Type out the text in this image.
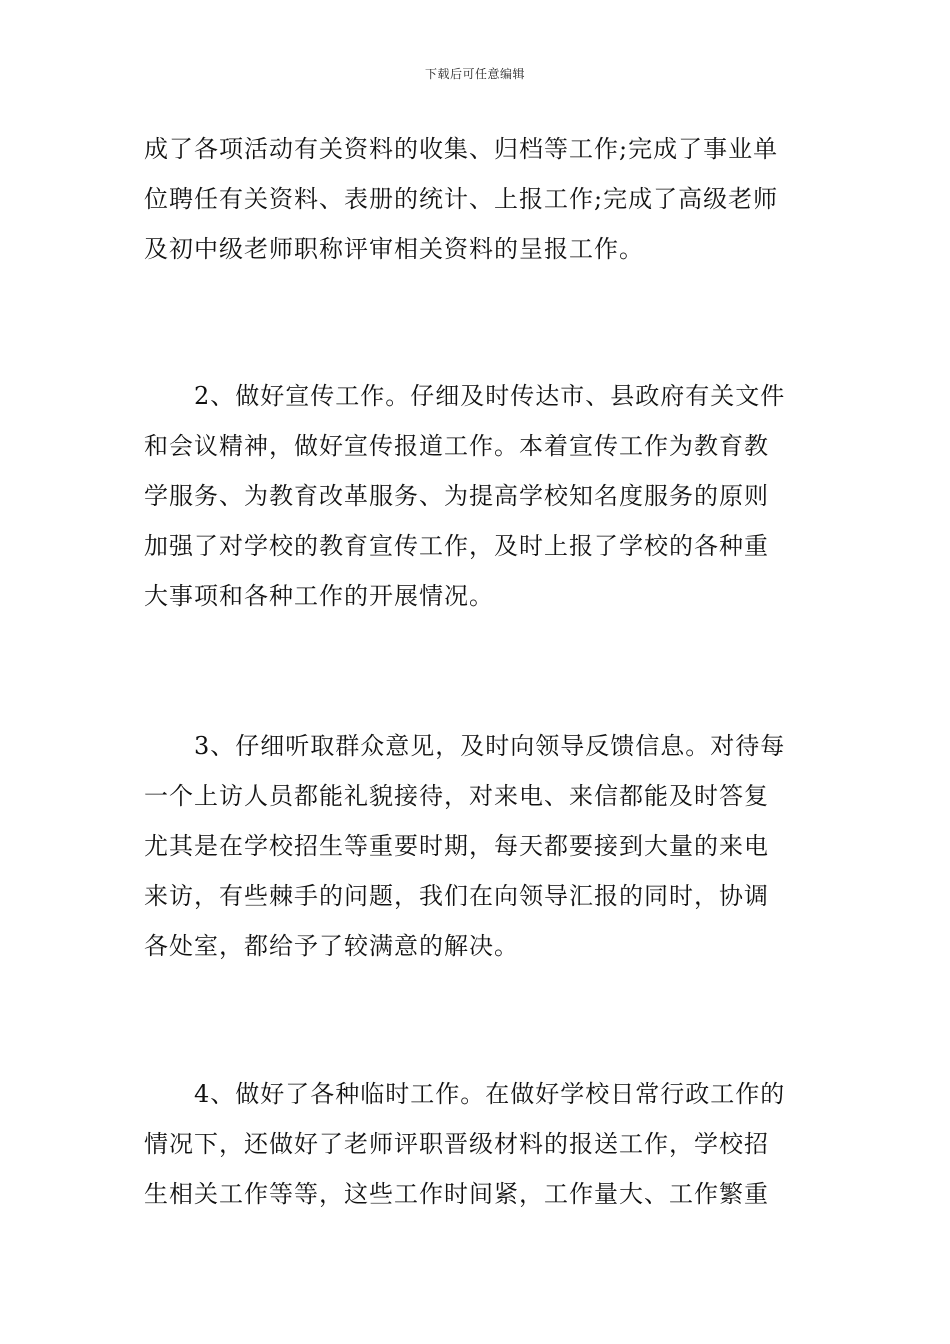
下载后可任意编辑
成了各项活动有关资料的收集、归档等工作;完成了事业单
位聘任有关资料、表册的统计、上报工作;完成了高级老师
及初中级老师职称评审相关资料的呈报工作。
2、做好宣传工作。仔细及时传达市、县政府有关文件
和会议精神，做好宣传报道工作。本着宣传工作为教育教
学服务、为教育改革服务、为提高学校知名度服务的原则
加强了对学校的教育宣传工作，及时上报了学校的各种重
大事项和各种工作的开展情况。
3、仔细听取群众意见，及时向领导反馈信息。对待每
一个上访人员都能礼貌接待，对来电、来信都能及时答复
尤其是在学校招生等重要时期，每天都要接到大量的来电
来访，有些棘手的问题，我们在向领导汇报的同时，协调
各处室，都给予了较满意的解决。
4、做好了各种临时工作。在做好学校日常行政工作的
情况下，还做好了老师评职晋级材料的报送工作，学校招
生相关工作等等，这些工作时间紧，工作量大、工作繁重
